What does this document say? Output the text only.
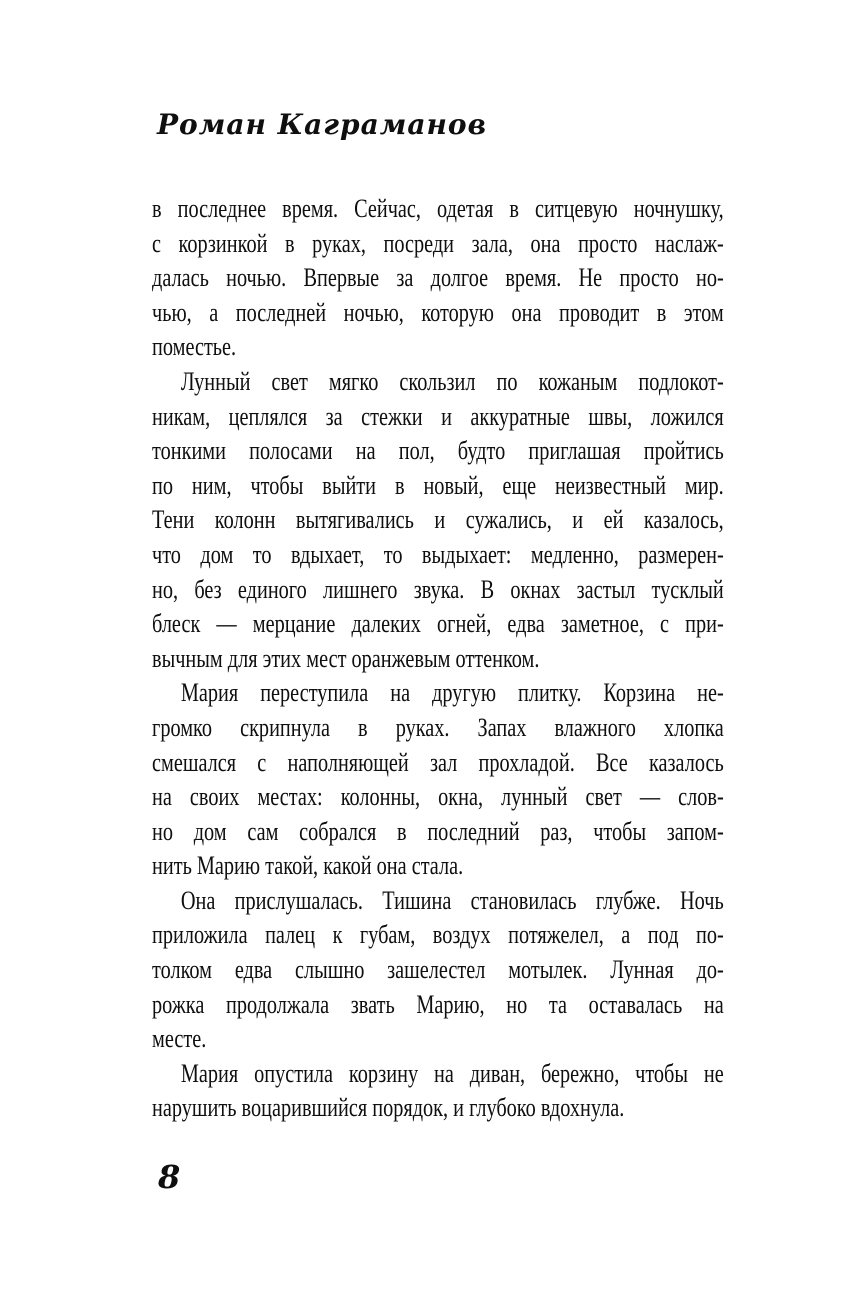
Роман Каграманов
в последнее время. Сейчас, одетая в ситцевую ночнушку,
с корзинкой в руках, посреди зала, она просто наслаж-
далась ночью. Впервые за долгое время. Не просто но-
чью, а последней ночью, которую она проводит в этом
поместье.
Лунный свет мягко скользил по кожаным подлокот-
никам, цеплялся за стежки и аккуратные швы, ложился
тонкими полосами на пол, будто приглашая пройтись
по ним, чтобы выйти в новый, еще неизвестный мир.
Тени колонн вытягивались и сужались, и ей казалось,
что дом то вдыхает, то выдыхает: медленно, размерен-
но, без единого лишнего звука. В окнах застыл тусклый
блеск — мерцание далеких огней, едва заметное, с при-
вычным для этих мест оранжевым оттенком.
Мария переступила на другую плитку. Корзина не-
громко скрипнула в руках. Запах влажного хлопка
смешался с наполняющей зал прохладой. Все казалось
на своих местах: колонны, окна, лунный свет — слов-
но дом сам собрался в последний раз, чтобы запом-
нить Марию такой, какой она стала.
Она прислушалась. Тишина становилась глубже. Ночь
приложила палец к губам, воздух потяжелел, а под по-
толком едва слышно зашелестел мотылек. Лунная до-
рожка продолжала звать Марию, но та оставалась на
месте.
Мария опустила корзину на диван, бережно, чтобы не
нарушить воцарившийся порядок, и глубоко вдохнула.
8
